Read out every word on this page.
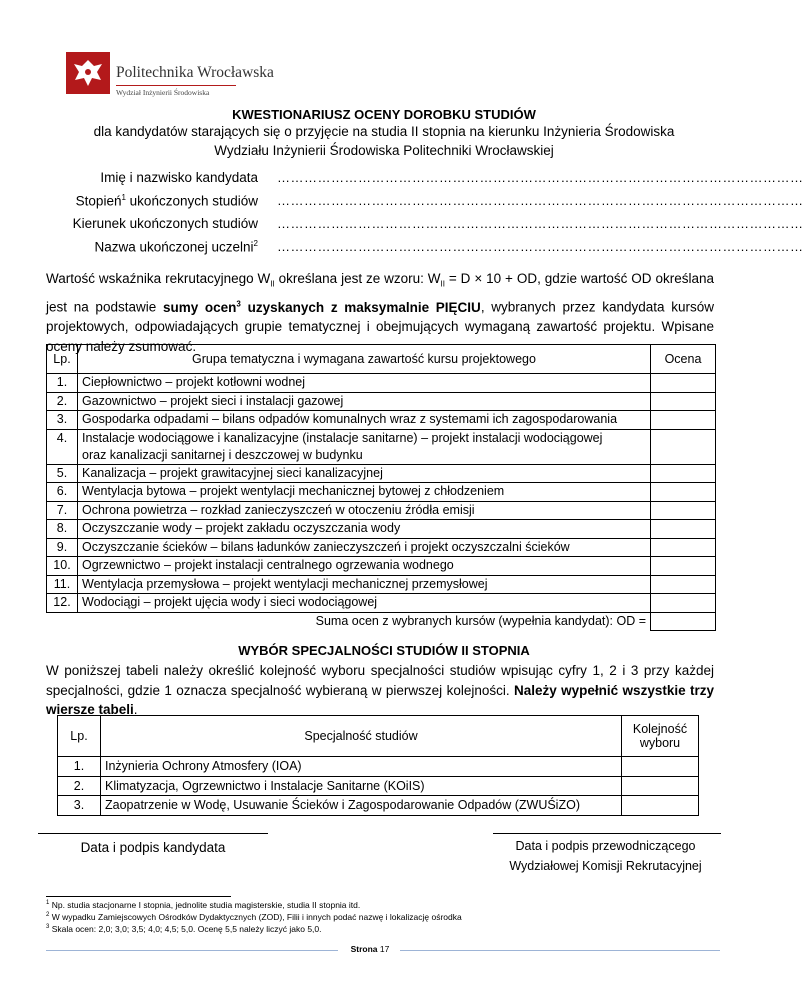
Politechnika Wrocławska
Wydział Inżynierii Środowiska
KWESTIONARIUSZ OCENY DOROBKU STUDIÓW
dla kandydatów starających się o przyjęcie na studia II stopnia na kierunku Inżynieria Środowiska
Wydziału Inżynierii Środowiska Politechniki Wrocławskiej
Imię i nazwisko kandydata ………………………………………………………………………………………………………
Stopień$^1$ ukończonych studiów ………………………………………………………………………………………………………
Kierunek ukończonych studiów ………………………………………………………………………………………………………
Nazwa ukończonej uczelni$^2$ ………………………………………………………………………………………………………
Wartość wskaźnika rekrutacyjnego $W_{II}$ określana jest ze wzoru: $W_{II} = D \times 10$ + OD, gdzie wartość OD określana jest na podstawie sumy ocen$^3$ uzyskanych z maksymalnie PIĘCIU, wybranych przez kandydata kursów projektowych, odpowiadających grupie tematycznej i obejmujących wymaganą zawartość projektu. Wpisane oceny należy zsumować.
Lp.	Grupa tematyczna i wymagana zawartość kursu projektowego	Ocena
1.	Ciepłownictwo – projekt kotłowni wodnej	
2.	Gazownictwo – projekt sieci i instalacji gazowej	
3.	Gospodarka odpadami – bilans odpadów komunalnych wraz z systemami ich zagospodarowania	
4.	Instalacje wodociągowe i kanalizacyjne (instalacje sanitarne) – projekt instalacji wodociągowej
oraz kanalizacji sanitarnej i deszczowej w budynku	

5.	Kanalizacja – projekt grawitacyjnej sieci kanalizacyjnej	
6.	Wentylacja bytowa – projekt wentylacji mechanicznej bytowej z chłodzeniem	
7.	Ochrona powietrza – rozkład zanieczyszczeń w otoczeniu źródła emisji	
8.	Oczyszczanie wody – projekt zakładu oczyszczania wody	
9.	Oczyszczanie ścieków – bilans ładunków zanieczyszczeń i projekt oczyszczalni ścieków	
10.	Ogrzewnictwo – projekt instalacji centralnego ogrzewania wodnego	
11.	Wentylacja przemysłowa – projekt wentylacji mechanicznej przemysłowej	
12.	Wodociągi – projekt ujęcia wody i sieci wodociągowej	
	Suma ocen z wybranych kursów (wypełnia kandydat): OD =	
WYBÓR SPECJALNOŚCI STUDIÓW II STOPNIA
W poniższej tabeli należy określić kolejność wyboru specjalności studiów wpisując cyfry 1, 2 i 3 przy każdej specjalności, gdzie 1 oznacza specjalność wybieraną w pierwszej kolejności. Należy wypełnić wszystkie trzy wiersze tabeli.
Lp.	Specjalność studiów	Kolejność
wyboru

1.	Inżynieria Ochrony Atmosfery (IOA)	
2.	Klimatyzacja, Ogrzewnictwo i Instalacje Sanitarne (KOiIS)	
3.	Zaopatrzenie w Wodę, Usuwanie Ścieków i Zagospodarowanie Odpadów (ZWUŚiZO)	
Data i podpis kandydata	Data i podpis przewodniczącego
Wydziałowej Komisji Rekrutacyjnej
$^1$ Np. studia stacjonarne I stopnia, jednolite studia magisterskie, studia II stopnia itd.
$^2$ W wypadku Zamiejscowych Ośrodków Dydaktycznych (ZOD), Filii i innych podać nazwę i lokalizację ośrodka
$^3$ Skala ocen: 2,0; 3,0; 3,5; 4,0; 4,5; 5,0. Ocenę 5,5 należy liczyć jako 5,0.
Strona 17
